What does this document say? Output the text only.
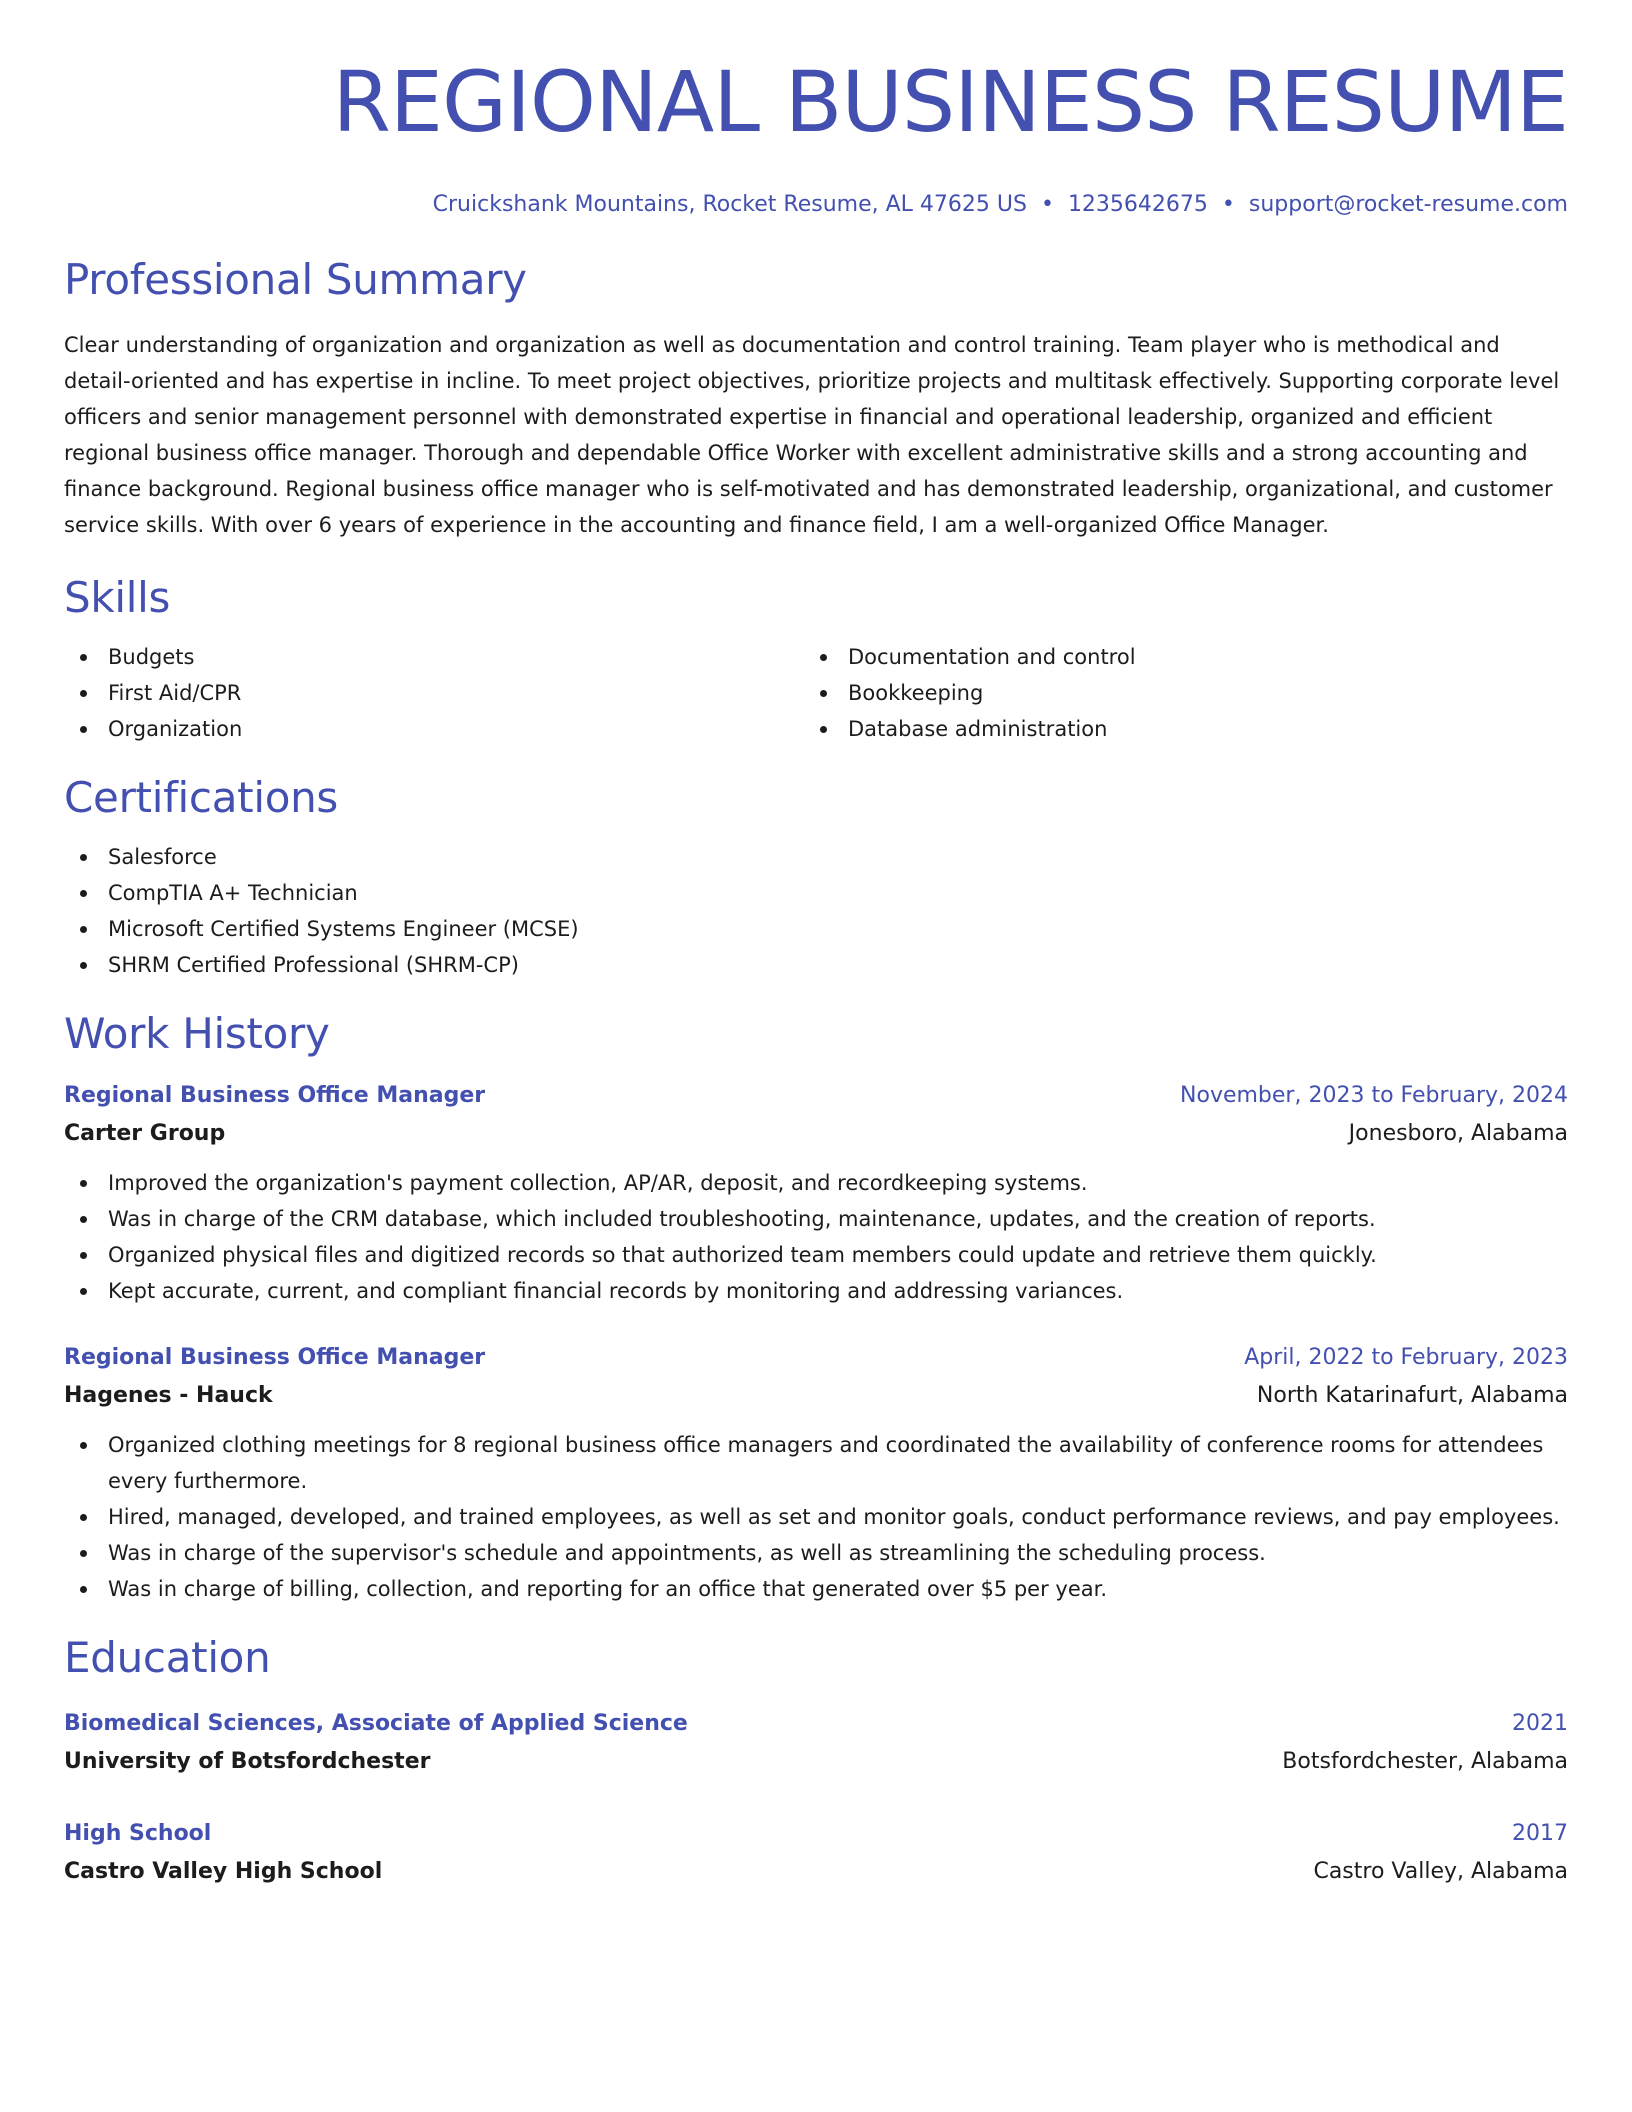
REGIONAL BUSINESS RESUME
Cruickshank Mountains, Rocket Resume, AL 47625 US • 1235642675 • support@rocket-resume.com
Professional Summary

Clear understanding of organization and organization as well as documentation and control training. Team player who is methodical and detail-oriented and has expertise in incline. To meet project objectives, prioritize projects and multitask effectively. Supporting corporate level officers and senior management personnel with demonstrated expertise in financial and operational leadership, organized and efficient regional business office manager. Thorough and dependable Office Worker with excellent administrative skills and a strong accounting and finance background. Regional business office manager who is self-motivated and has demonstrated leadership, organizational, and customer service skills. With over 6 years of experience in the accounting and finance field, I am a well-organized Office Manager.

Skills
Budgets
First Aid/CPR
Organization
Documentation and control
Bookkeeping
Database administration
Certifications
Salesforce
CompTIA A+ Technician
Microsoft Certified Systems Engineer (MCSE)
SHRM Certified Professional (SHRM-CP)
Work History
Regional Business Office Manager	November, 2023 to February, 2024
Carter Group	Jonesboro, Alabama
Improved the organization's payment collection, AP/AR, deposit, and recordkeeping systems.
Was in charge of the CRM database, which included troubleshooting, maintenance, updates, and the creation of reports.
Organized physical files and digitized records so that authorized team members could update and retrieve them quickly.
Kept accurate, current, and compliant financial records by monitoring and addressing variances.
Regional Business Office Manager	April, 2022 to February, 2023
Hagenes - Hauck	North Katarinafurt, Alabama
Organized clothing meetings for 8 regional business office managers and coordinated the availability of conference rooms for attendees every furthermore.
Hired, managed, developed, and trained employees, as well as set and monitor goals, conduct performance reviews, and pay employees.
Was in charge of the supervisor's schedule and appointments, as well as streamlining the scheduling process.
Was in charge of billing, collection, and reporting for an office that generated over $5 per year.
Education
Biomedical Sciences, Associate of Applied Science	2021
University of Botsfordchester	Botsfordchester, Alabama
High School	2017
Castro Valley High School	Castro Valley, Alabama
